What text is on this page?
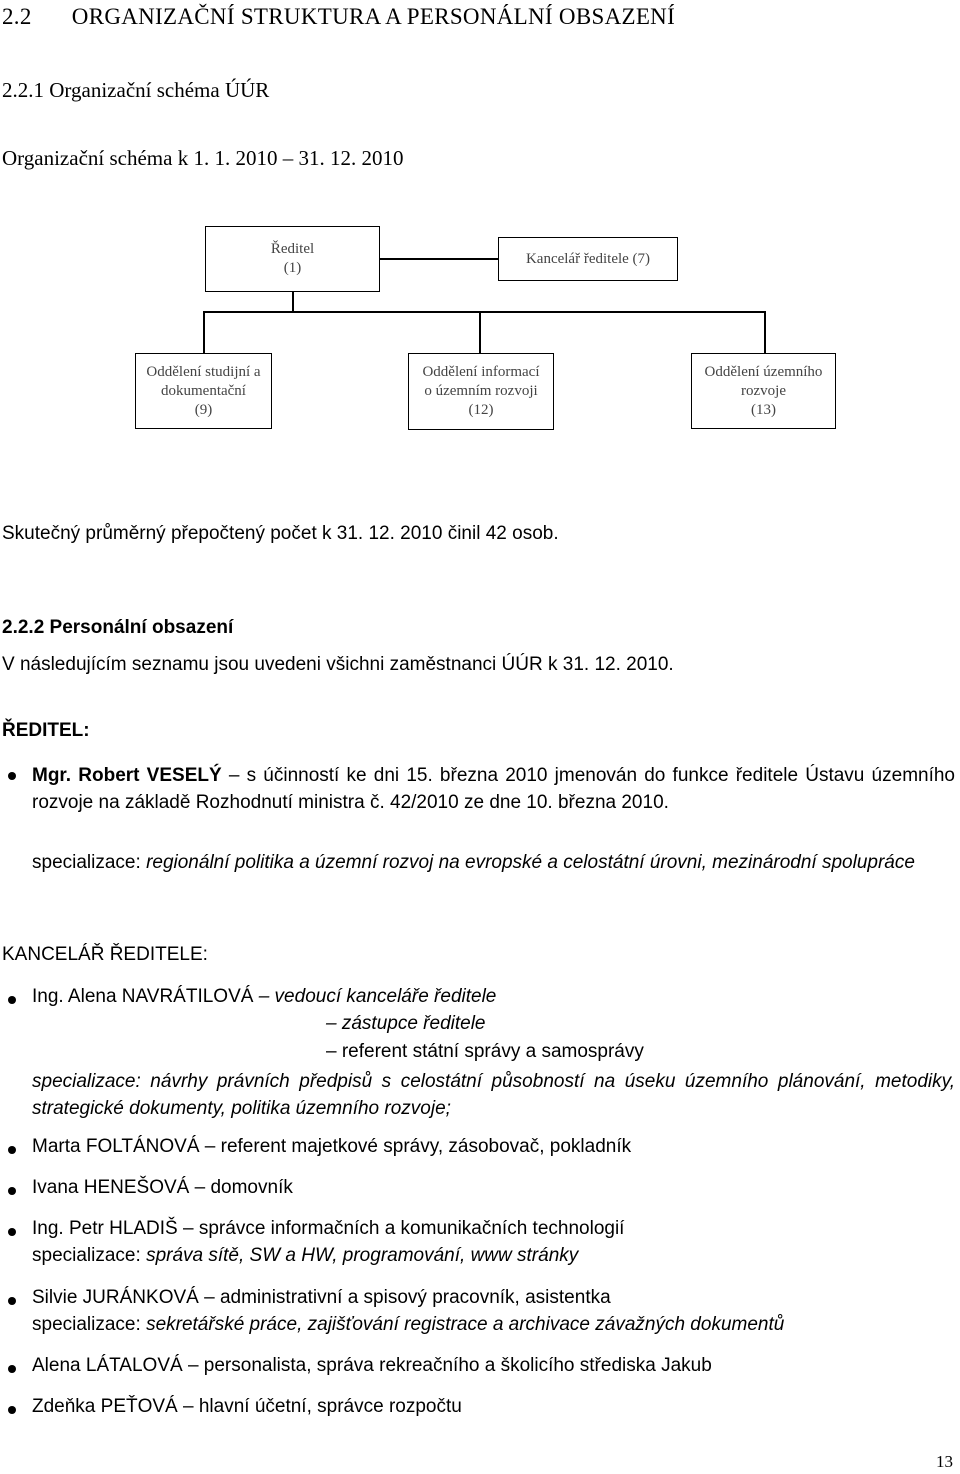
2.2 ORGANIZAČNÍ STRUKTURA A PERSONÁLNÍ OBSAZENÍ
2.2.1 Organizační schéma ÚÚR
Organizační schéma k 1. 1. 2010 – 31. 12. 2010
Ředitel
(1)
Kancelář ředitele (7)
Oddělení studijní a
dokumentační
(9)
Oddělení informací
o územním rozvoji
(12)
Oddělení územního
rozvoje
(13)
Skutečný průměrný přepočtený počet k 31. 12. 2010 činil 42 osob.
2.2.2 Personální obsazení
V následujícím seznamu jsou uvedeni všichni zaměstnanci ÚÚR k 31. 12. 2010.
ŘEDITEL:
Mgr. Robert VESELÝ – s účinností ke dni 15. března 2010 jmenován do funkce ředitele Ústavu územního rozvoje na základě Rozhodnutí ministra č. 42/2010 ze dne 10. března 2010.
specializace: regionální politika a územní rozvoj na evropské a celostátní úrovni, mezinárodní spolupráce
KANCELÁŘ ŘEDITELE:
Ing. Alena NAVRÁTILOVÁ – vedoucí kanceláře ředitele
– zástupce ředitele
– referent státní správy a samosprávy
specializace: návrhy právních předpisů s celostátní působností na úseku územního plánování, metodiky, strategické dokumenty, politika územního rozvoje;
Marta FOLTÁNOVÁ – referent majetkové správy, zásobovač, pokladník
Ivana HENEŠOVÁ – domovník
Ing. Petr HLADIŠ – správce informačních a komunikačních technologií
specializace: správa sítě, SW a HW, programování, www stránky
Silvie JURÁNKOVÁ – administrativní a spisový pracovník, asistentka
specializace: sekretářské práce, zajišťování registrace a archivace závažných dokumentů
Alena LÁTALOVÁ – personalista, správa rekreačního a školicího střediska Jakub
Zdeňka PEŤOVÁ – hlavní účetní, správce rozpočtu
13
